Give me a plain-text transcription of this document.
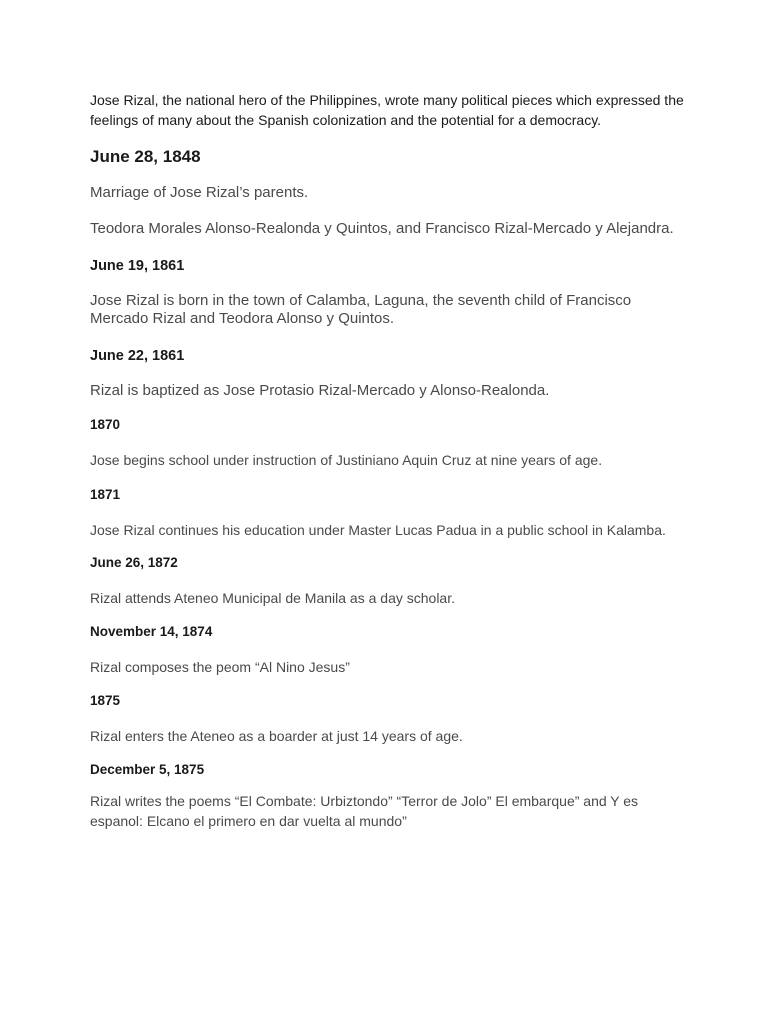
Jose Rizal, the national hero of the Philippines, wrote many political pieces which expressed the feelings of many about the Spanish colonization and the potential for a democracy.

June 28, 1848

Marriage of Jose Rizal’s parents.

Teodora Morales Alonso-Realonda y Quintos, and Francisco Rizal-Mercado y Alejandra.

June 19, 1861

Jose Rizal is born in the town of Calamba, Laguna, the seventh child of Francisco Mercado Rizal and Teodora Alonso y Quintos.

June 22, 1861

Rizal is baptized as Jose Protasio Rizal-Mercado y Alonso-Realonda.

1870

Jose begins school under instruction of Justiniano Aquin Cruz at nine years of age.

1871

Jose Rizal continues his education under Master Lucas Padua in a public school in Kalamba.

June 26, 1872

Rizal attends Ateneo Municipal de Manila as a day scholar.

November 14, 1874

Rizal composes the peom “Al Nino Jesus”

1875

Rizal enters the Ateneo as a boarder at just 14 years of age.

December 5, 1875

Rizal writes the poems “El Combate: Urbiztondo” “Terror de Jolo” El embarque” and Y es espanol: Elcano el primero en dar vuelta al mundo”
